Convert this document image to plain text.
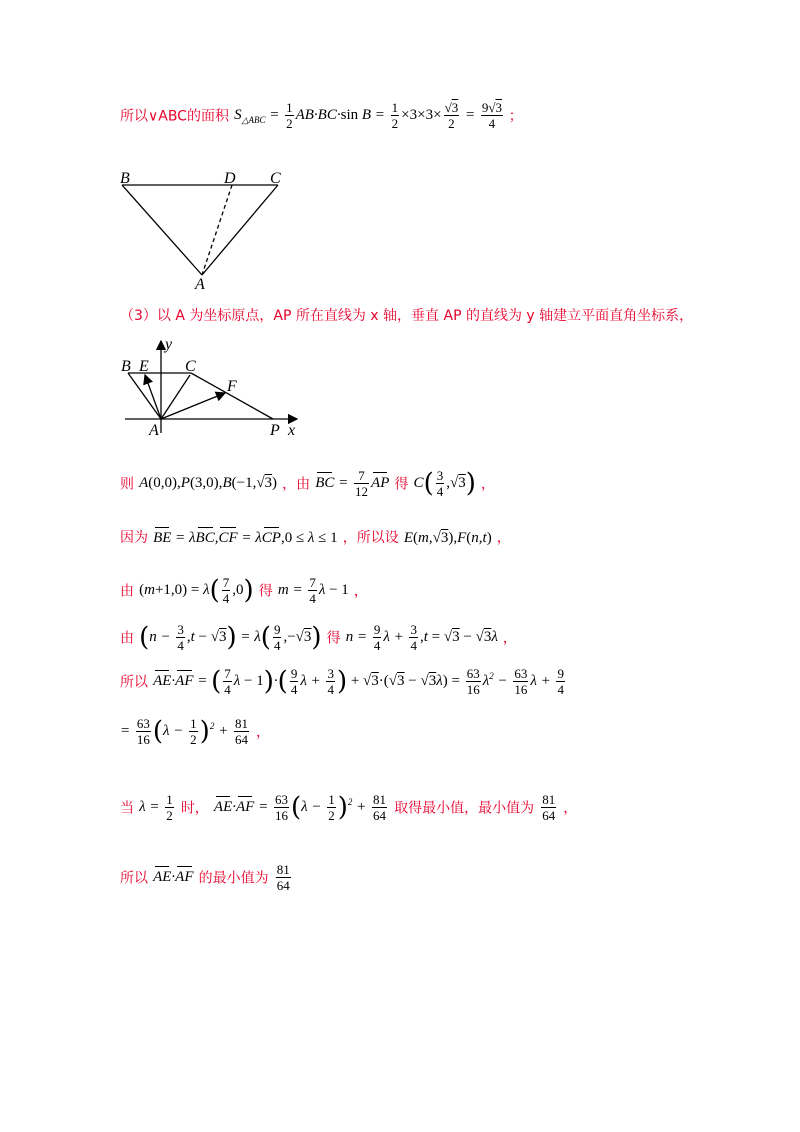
所以∨ABC的面积 $S_{\triangle ABC} = \frac{1}{2} AB\cdot BC\cdot\sin$ $B = \frac{1}{2} \times 3\times 3\times \frac{√3}{2} = \frac{9√3}{4}$ ；
B	D C
A
（3）以 A 为坐标原点，AP 所在直线为 x 轴，垂直 AP 的直线为 y 轴建立平面直角坐标系，
y
B E C
F
A	P x
则 A(0,0),P(3,0),B(−1,√3) ，由 BC = $\frac{7}{12}$ AP 得 $C( \frac{3}{4} ,√3)$ ，
因为 BE = λBC,CF = λCP,0 ≤ λ ≤ 1 ，所以设 E(m,√3),F(n,t) ，
由 $(m+1,0) = \lambda( \frac{7}{4} ,0)$ 得 $m = \frac{7}{4}$ λ − 1 ，
由 $(n - \frac{3}{4} ,t - √3) = \lambda( \frac{9}{4} ,-√3)$ 得 $n = \frac{9}{4}$ $\lambda + \frac{3}{4} ,t = √3 - √3\lambda$ ，
所以 AE·AF = ( $\frac{7}{4}$ $\lambda - 1)\cdot( \frac{9}{4}$ $\lambda + \frac{3}{4}$ ) + $√3\cdot(√3 - √3\lambda) = \frac{63}{16} \lambda^2 - \frac{63}{16}$ $\lambda + \frac{9}{4}$
= $\frac{63}{16} (\lambda - \frac{1}{2} )^2 + \frac{81}{64}$ ，
当 $\lambda = \frac{1}{2}$ 时， $AE\cdot AF = \frac{63}{16} (\lambda - \frac{1}{2} )^2 + \frac{81}{64}$ 取得最小值，最小值为 $\frac{81}{64}$ ，
所以 AE·AF 的最小值为 $\frac{81}{64}$
